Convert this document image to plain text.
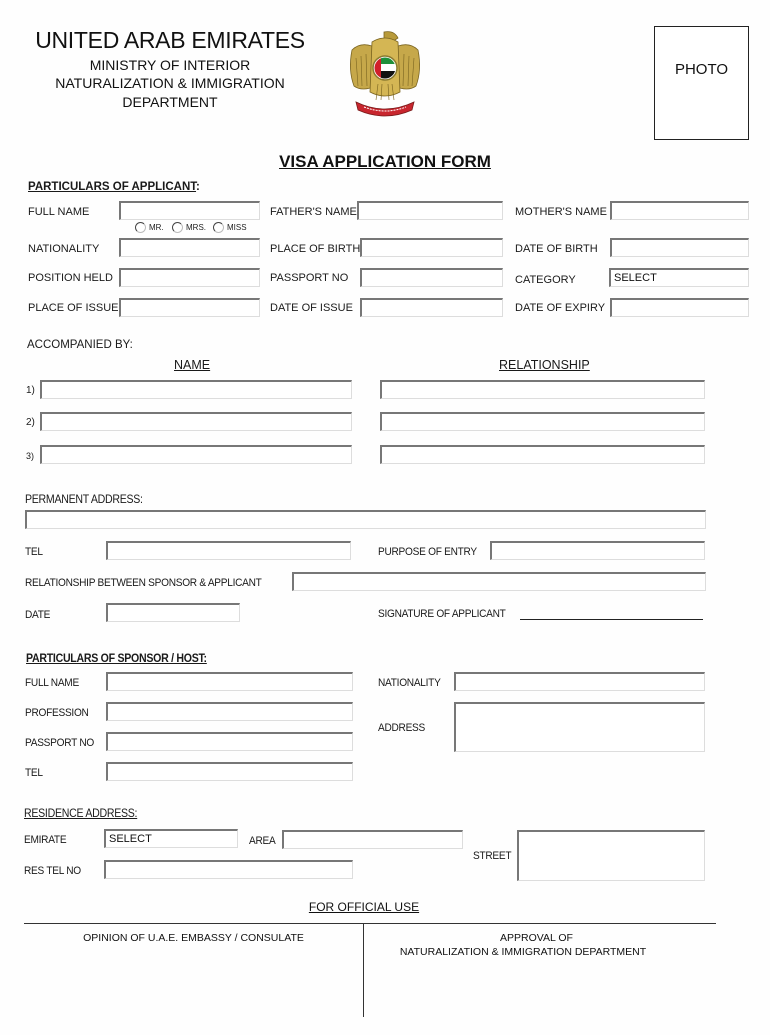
UNITED ARAB EMIRATES
MINISTRY OF INTERIOR
NATURALIZATION & IMMIGRATION
DEPARTMENT
PHOTO
VISA APPLICATION FORM
PARTICULARS OF APPLICANT:
FULL NAME	FATHER'S NAME	MOTHER'S NAME
MR.	MRS.	MISS
NATIONALITY	PLACE OF BIRTH	DATE OF BIRTH
POSITION HELD	PASSPORT NO	CATEGORY	SELECT
PLACE OF ISSUE	DATE OF ISSUE	DATE OF EXPIRY
ACCOMPANIED BY:
NAME	RELATIONSHIP
1)
2)
3)
PERMANENT ADDRESS:
TEL	PURPOSE OF ENTRY
RELATIONSHIP BETWEEN SPONSOR & APPLICANT
DATE	SIGNATURE OF APPLICANT
PARTICULARS OF SPONSOR / HOST:
FULL NAME	NATIONALITY
PROFESSION
ADDRESS
PASSPORT NO
TEL
RESIDENCE ADDRESS:
EMIRATE	SELECT	AREA
STREET
RES TEL NO
FOR OFFICIAL USE
OPINION OF U.A.E. EMBASSY / CONSULATE	APPROVAL OF
NATURALIZATION & IMMIGRATION DEPARTMENT
